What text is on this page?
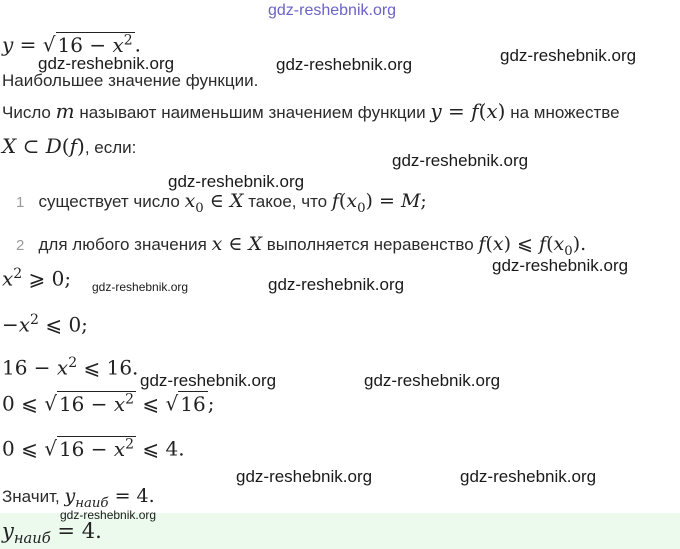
y = √ $16 - x^2$ .
Наибольшее значение функции.
Число m называют наименьшим значением функции y = f(x) на множестве
X ⊂ D(f), если:
1 существует число $x_0$ ∈ X такое, что $f(x_0) = M$;
2 для любого значения x ∈ X выполняется неравенство f(x) ⩽ $f(x_0)$.
$x^2$ ⩾ 0;
$-x^2$ ⩽ 0;
$16 - x^2$ ⩽ 16.
0 ⩽ √ $16 - x^2$ ⩽ √ 16 ;
0 ⩽ √ $16 - x^2$ ⩽ 4.
Значит, $y_{наиб} = 4$.
$y_{наиб} = 4$.
gdz-reshebnik.org
gdz-reshebnik.org	gdz-reshebnik.org	gdz-reshebnik.org
gdz-reshebnik.org
gdz-reshebnik.org
gdz-reshebnik.org
gdz-reshebnik.org	gdz-reshebnik.org
gdz-reshebnik.org	gdz-reshebnik.org
gdz-reshebnik.org	gdz-reshebnik.org
gdz-reshebnik.org
